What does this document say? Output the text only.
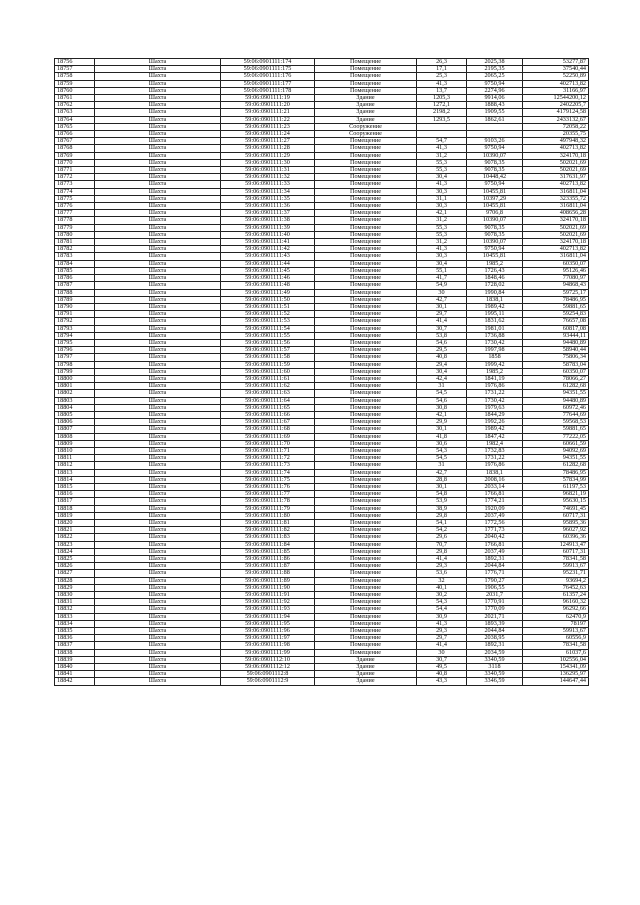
18756	Шахта	59:06:0901111:174	Помещение	26,3	2025,38	53277,87
18757	Шахта	59:06:0901111:175	Помещение	17,1	2195,35	37540,44
18758	Шахта	59:06:0901111:176	Помещение	25,3	2065,25	52250,89
18759	Шахта	59:06:0901111:177	Помещение	41,3	9750,94	402713,82
18760	Шахта	59:06:0901111:178	Помещение	13,7	2274,96	31166,97
18761	Шахта	59:06:0901111:19	Здание	1205,3	9914,06	12544200,12
18762	Шахта	59:06:0901111:20	Здание	1272,1	1888,43	2402205,7
18763	Шахта	59:06:0901111:21	Здание	2198,2	1909,55	4179124,58
18764	Шахта	59:06:0901111:22	Здание	1293,5	1862,61	2433132,67
18765	Шахта	59:06:0901111:23	Сооружение			72058,22
18766	Шахта	59:06:0901111:24	Сооружение			20355,75
18767	Шахта	59:06:0901111:27	Помещение	54,7	9103,26	497948,32
18768	Шахта	59:06:0901111:28	Помещение	41,3	9750,94	402713,82
18769	Шахта	59:06:0901111:29	Помещение	31,2	10390,07	324170,18
18770	Шахта	59:06:0901111:30	Помещение	55,3	9078,35	502021,69
18771	Шахта	59:06:0901111:31	Помещение	55,3	9078,35	502021,69
18772	Шахта	59:06:0901111:32	Помещение	30,4	10448,42	317631,97
18773	Шахта	59:06:0901111:33	Помещение	41,3	9750,94	402713,82
18774	Шахта	59:06:0901111:34	Помещение	30,3	10455,81	316811,04
18775	Шахта	59:06:0901111:35	Помещение	31,1	10397,29	323355,72
18776	Шахта	59:06:0901111:36	Помещение	30,3	10455,81	316811,04
18777	Шахта	59:06:0901111:37	Помещение	42,1	9706,8	408656,28
18778	Шахта	59:06:0901111:38	Помещение	31,2	10390,07	324170,18
18779	Шахта	59:06:0901111:39	Помещение	55,3	9078,35	502021,69
18780	Шахта	59:06:0901111:40	Помещение	55,3	9078,35	502021,69
18781	Шахта	59:06:0901111:41	Помещение	31,2	10390,07	324170,18
18782	Шахта	59:06:0901111:42	Помещение	41,3	9750,94	402713,82
18783	Шахта	59:06:0901111:43	Помещение	30,3	10455,81	316811,04
18784	Шахта	59:06:0901111:44	Помещение	30,4	1985,2	60350,07
18785	Шахта	59:06:0901111:45	Помещение	55,1	1726,43	95126,46
18786	Шахта	59:06:0901111:46	Помещение	41,7	1848,46	77080,97
18787	Шахта	59:06:0901111:48	Помещение	54,9	1728,02	94868,43
18788	Шахта	59:06:0901111:49	Помещение	30	1990,84	59725,17
18789	Шахта	59:06:0901111:50	Помещение	42,7	1838,1	78486,95
18790	Шахта	59:06:0901111:51	Помещение	30,1	1989,42	59881,65
18791	Шахта	59:06:0901111:52	Помещение	29,7	1995,11	59254,83
18792	Шахта	59:06:0901111:53	Помещение	41,4	1831,62	76657,08
18793	Шахта	59:06:0901111:54	Помещение	30,7	1981,01	60817,08
18794	Шахта	59:06:0901111:55	Помещение	53,8	1736,88	93444,11
18795	Шахта	59:06:0901111:56	Помещение	54,6	1730,42	94480,89
18796	Шахта	59:06:0901111:57	Помещение	29,5	1997,98	58940,44
18797	Шахта	59:06:0901111:58	Помещение	40,8	1858	75806,34
18798	Шахта	59:06:0901111:59	Помещение	29,4	1999,42	58783,04
18799	Шахта	59:06:0901111:60	Помещение	30,4	1985,2	60350,07
18800	Шахта	59:06:0901111:61	Помещение	42,4	1841,19	78066,27
18801	Шахта	59:06:0901111:62	Помещение	31	1976,86	61282,68
18802	Шахта	59:06:0901111:63	Помещение	54,5	1731,22	94351,55
18803	Шахта	59:06:0901111:64	Помещение	54,6	1730,42	94480,89
18804	Шахта	59:06:0901111:65	Помещение	30,8	1979,63	60972,46
18805	Шахта	59:06:0901111:66	Помещение	42,1	1844,29	77644,69
18806	Шахта	59:06:0901111:67	Помещение	29,9	1992,26	59568,53
18807	Шахта	59:06:0901111:68	Помещение	30,1	1989,42	59881,65
18808	Шахта	59:06:0901111:69	Помещение	41,8	1847,42	77222,05
18809	Шахта	59:06:0901111:70	Помещение	30,6	1982,4	60661,59
18810	Шахта	59:06:0901111:71	Помещение	54,3	1732,83	94092,69
18811	Шахта	59:06:0901111:72	Помещение	54,5	1731,22	94351,55
18812	Шахта	59:06:0901111:73	Помещение	31	1976,86	61282,68
18813	Шахта	59:06:0901111:74	Помещение	42,7	1838,1	78486,95
18814	Шахта	59:06:0901111:75	Помещение	28,8	2008,16	57834,99
18815	Шахта	59:06:0901111:76	Помещение	30,1	2033,14	61197,53
18816	Шахта	59:06:0901111:77	Помещение	54,8	1766,81	96821,19
18817	Шахта	59:06:0901111:78	Помещение	53,9	1774,21	95630,15
18818	Шахта	59:06:0901111:79	Помещение	38,9	1920,09	74691,45
18819	Шахта	59:06:0901111:80	Помещение	29,8	2037,49	60717,31
18820	Шахта	59:06:0901111:81	Помещение	54,1	1772,56	95895,36
18821	Шахта	59:06:0901111:82	Помещение	54,2	1771,73	96027,92
18822	Шахта	59:06:0901111:83	Помещение	29,6	2040,42	60396,36
18823	Шахта	59:06:0901111:84	Помещение	70,7	1766,81	124913,47
18824	Шахта	59:06:0901111:85	Помещение	29,8	2037,49	60717,31
18825	Шахта	59:06:0901111:86	Помещение	41,4	1892,31	78341,58
18826	Шахта	59:06:0901111:87	Помещение	29,3	2044,84	59913,67
18827	Шахта	59:06:0901111:88	Помещение	53,6	1776,71	95231,71
18828	Шахта	59:06:0901111:89	Помещение	32	1790,27	93694,2
18829	Шахта	59:06:0901111:90	Помещение	40,1	1906,55	76452,63
18830	Шахта	59:06:0901111:91	Помещение	30,2	2031,7	61357,24
18831	Шахта	59:06:0901111:92	Помещение	54,3	1770,91	96160,32
18832	Шахта	59:06:0901111:93	Помещение	54,4	1770,09	96292,66
18833	Шахта	59:06:0901111:94	Помещение	30,9	2021,71	62470,9
18834	Шахта	59:06:0901111:95	Помещение	41,3	1893,39	78197
18835	Шахта	59:06:0901111:96	Помещение	29,3	2044,84	59913,67
18836	Шахта	59:06:0901111:97	Помещение	29,7	2038,95	60556,9
18837	Шахта	59:06:0901111:98	Помещение	41,4	1892,31	78341,58
18838	Шахта	59:06:0901111:99	Помещение	30	2034,59	61037,6
18839	Шахта	59:06:0901112:10	Здание	30,7	3340,59	102556,04
18840	Шахта	59:06:0901112:12	Здание	49,5	3118	154341,09
18841	Шахта	59:06:0901112:8	Здание	40,8	3340,59	136295,97
18842	Шахта	59:06:0901112:9	Здание	43,3	3346,59	144647,44
